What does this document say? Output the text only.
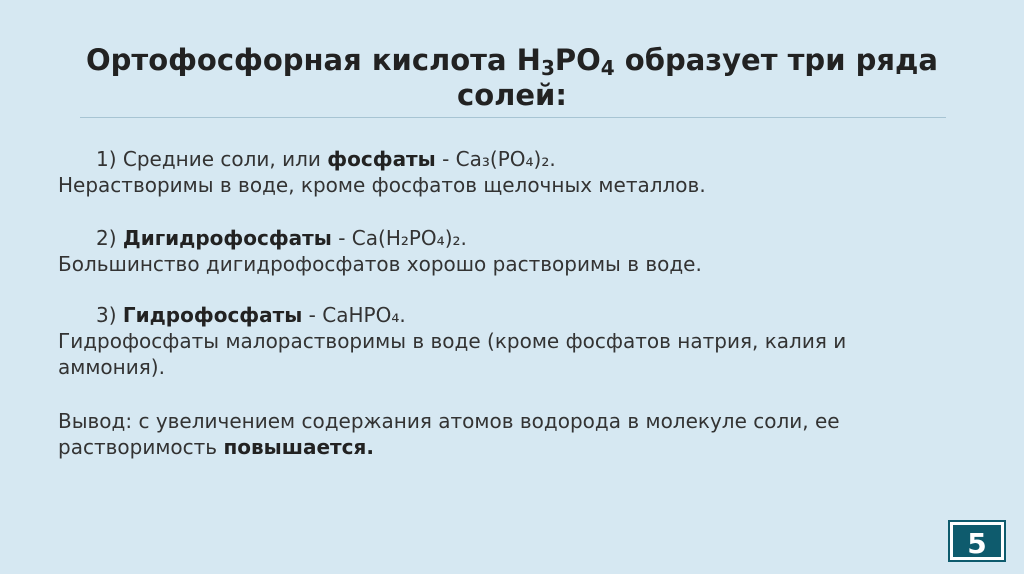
Ортофосфорная кислота $H_3PO_4$ образует три ряда солей:

1) Средние соли, или фосфаты - Ca₃(PO₄)₂.

Нерастворимы в воде, кроме фосфатов щелочных металлов.

2) Дигидрофосфаты - Ca(H₂PO₄)₂.

Большинство дигидрофосфатов хорошо растворимы в воде.

3) Гидрофосфаты - CaHPO₄.

Гидрофосфаты малорастворимы в воде (кроме фосфатов натрия, калия и аммония).

Вывод: с увеличением содержания атомов водорода в молекуле соли, ее растворимость повышается.

5
